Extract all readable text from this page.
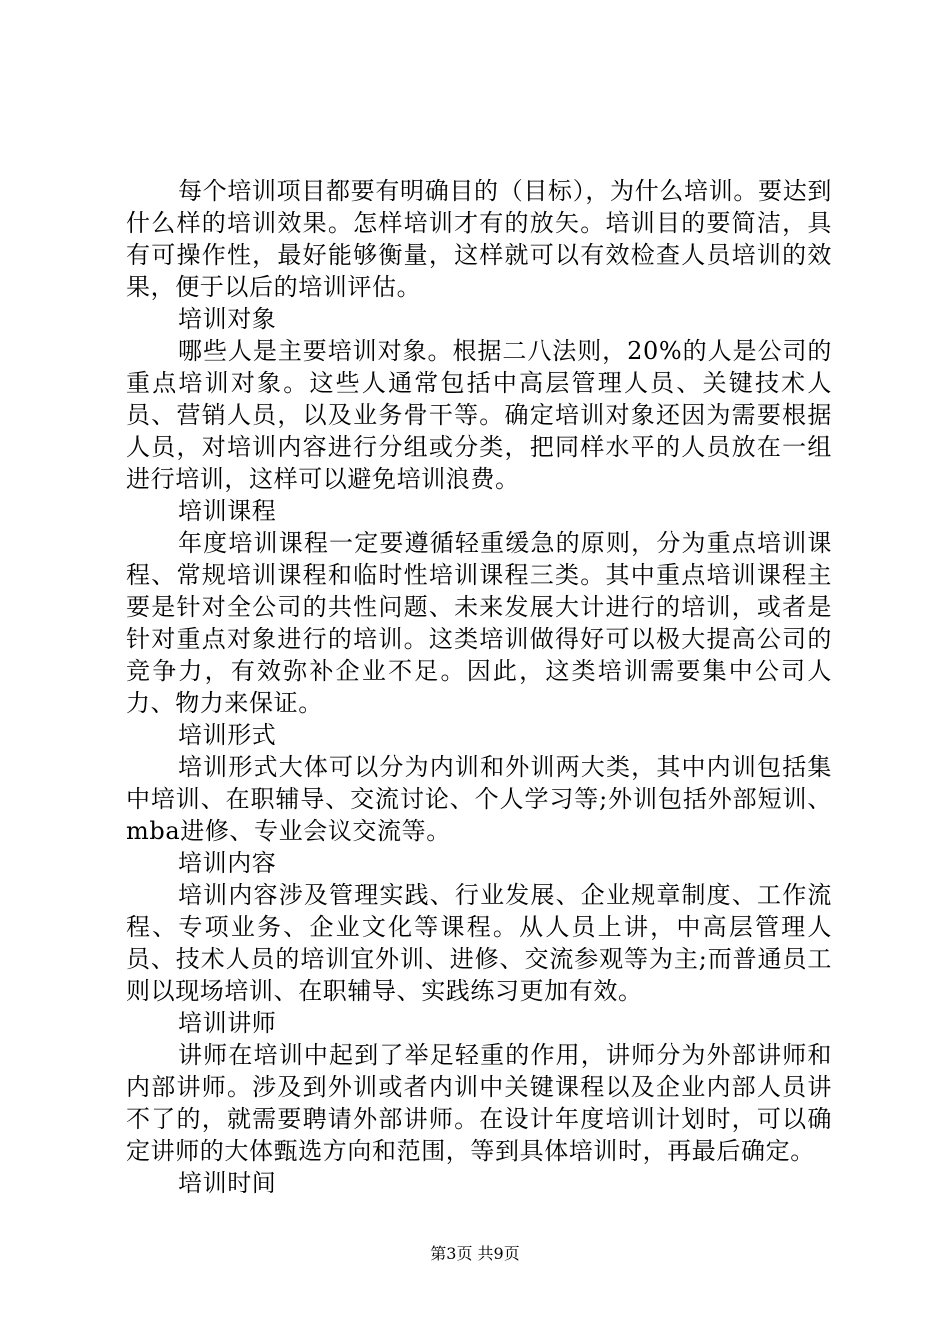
每个培训项目都要有明确目的（目标），为什么培训。要达到什么样的培训效果。怎样培训才有的放矢。培训目的要简洁，具有可操作性，最好能够衡量，这样就可以有效检查人员培训的效果，便于以后的培训评估。

培训对象

哪些人是主要培训对象。根据二八法则，20%的人是公司的重点培训对象。这些人通常包括中高层管理人员、关键技术人员、营销人员，以及业务骨干等。确定培训对象还因为需要根据人员，对培训内容进行分组或分类，把同样水平的人员放在一组进行培训，这样可以避免培训浪费。

培训课程

年度培训课程一定要遵循轻重缓急的原则，分为重点培训课程、常规培训课程和临时性培训课程三类。其中重点培训课程主要是针对全公司的共性问题、未来发展大计进行的培训，或者是针对重点对象进行的培训。这类培训做得好可以极大提高公司的竞争力，有效弥补企业不足。因此，这类培训需要集中公司人力、物力来保证。

培训形式

培训形式大体可以分为内训和外训两大类，其中内训包括集中培训、在职辅导、交流讨论、个人学习等;外训包括外部短训、mba进修、专业会议交流等。

培训内容

培训内容涉及管理实践、行业发展、企业规章制度、工作流程、专项业务、企业文化等课程。从人员上讲，中高层管理人员、技术人员的培训宜外训、进修、交流参观等为主;而普通员工则以现场培训、在职辅导、实践练习更加有效。

培训讲师

讲师在培训中起到了举足轻重的作用，讲师分为外部讲师和内部讲师。涉及到外训或者内训中关键课程以及企业内部人员讲不了的，就需要聘请外部讲师。在设计年度培训计划时，可以确定讲师的大体甄选方向和范围，等到具体培训时，再最后确定。

培训时间
第3页 共9页
